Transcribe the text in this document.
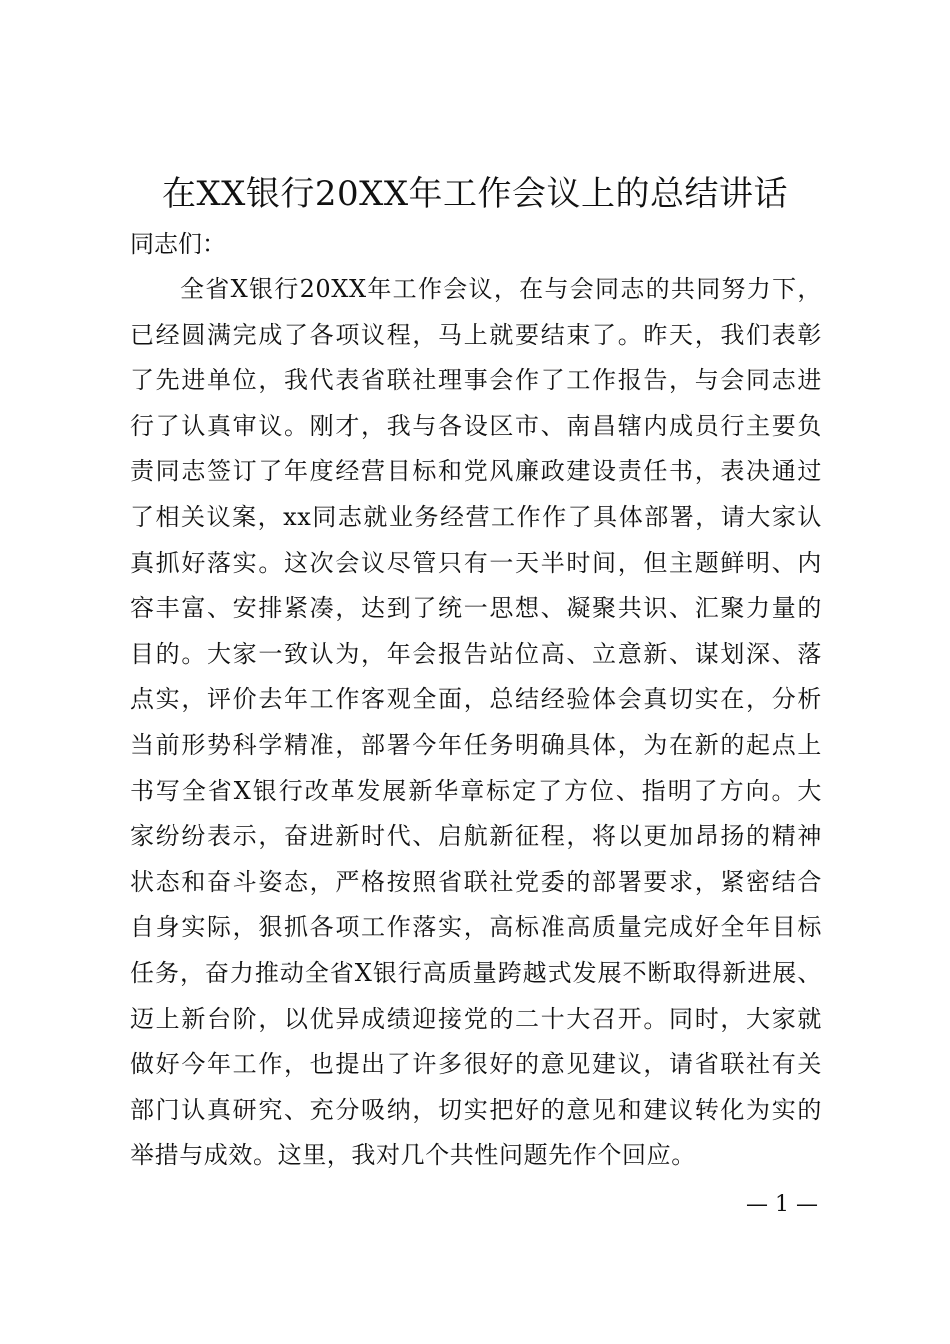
在XX银行20XX年工作会议上的总结讲话
同志们：
全省X银行20XX年工作会议，在与会同志的共同努力下，
已经圆满完成了各项议程，马上就要结束了。昨天，我们表彰
了先进单位，我代表省联社理事会作了工作报告，与会同志进
行了认真审议。刚才，我与各设区市、南昌辖内成员行主要负
责同志签订了年度经营目标和党风廉政建设责任书，表决通过
了相关议案，xx同志就业务经营工作作了具体部署，请大家认
真抓好落实。这次会议尽管只有一天半时间，但主题鲜明、内
容丰富、安排紧凑，达到了统一思想、凝聚共识、汇聚力量的
目的。大家一致认为，年会报告站位高、立意新、谋划深、落
点实，评价去年工作客观全面，总结经验体会真切实在，分析
当前形势科学精准，部署今年任务明确具体，为在新的起点上
书写全省X银行改革发展新华章标定了方位、指明了方向。大
家纷纷表示，奋进新时代、启航新征程，将以更加昂扬的精神
状态和奋斗姿态，严格按照省联社党委的部署要求，紧密结合
自身实际，狠抓各项工作落实，高标准高质量完成好全年目标
任务，奋力推动全省X银行高质量跨越式发展不断取得新进展、
迈上新台阶，以优异成绩迎接党的二十大召开。同时，大家就
做好今年工作，也提出了许多很好的意见建议，请省联社有关
部门认真研究、充分吸纳，切实把好的意见和建议转化为实的
举措与成效。这里，我对几个共性问题先作个回应。
— 1 —
